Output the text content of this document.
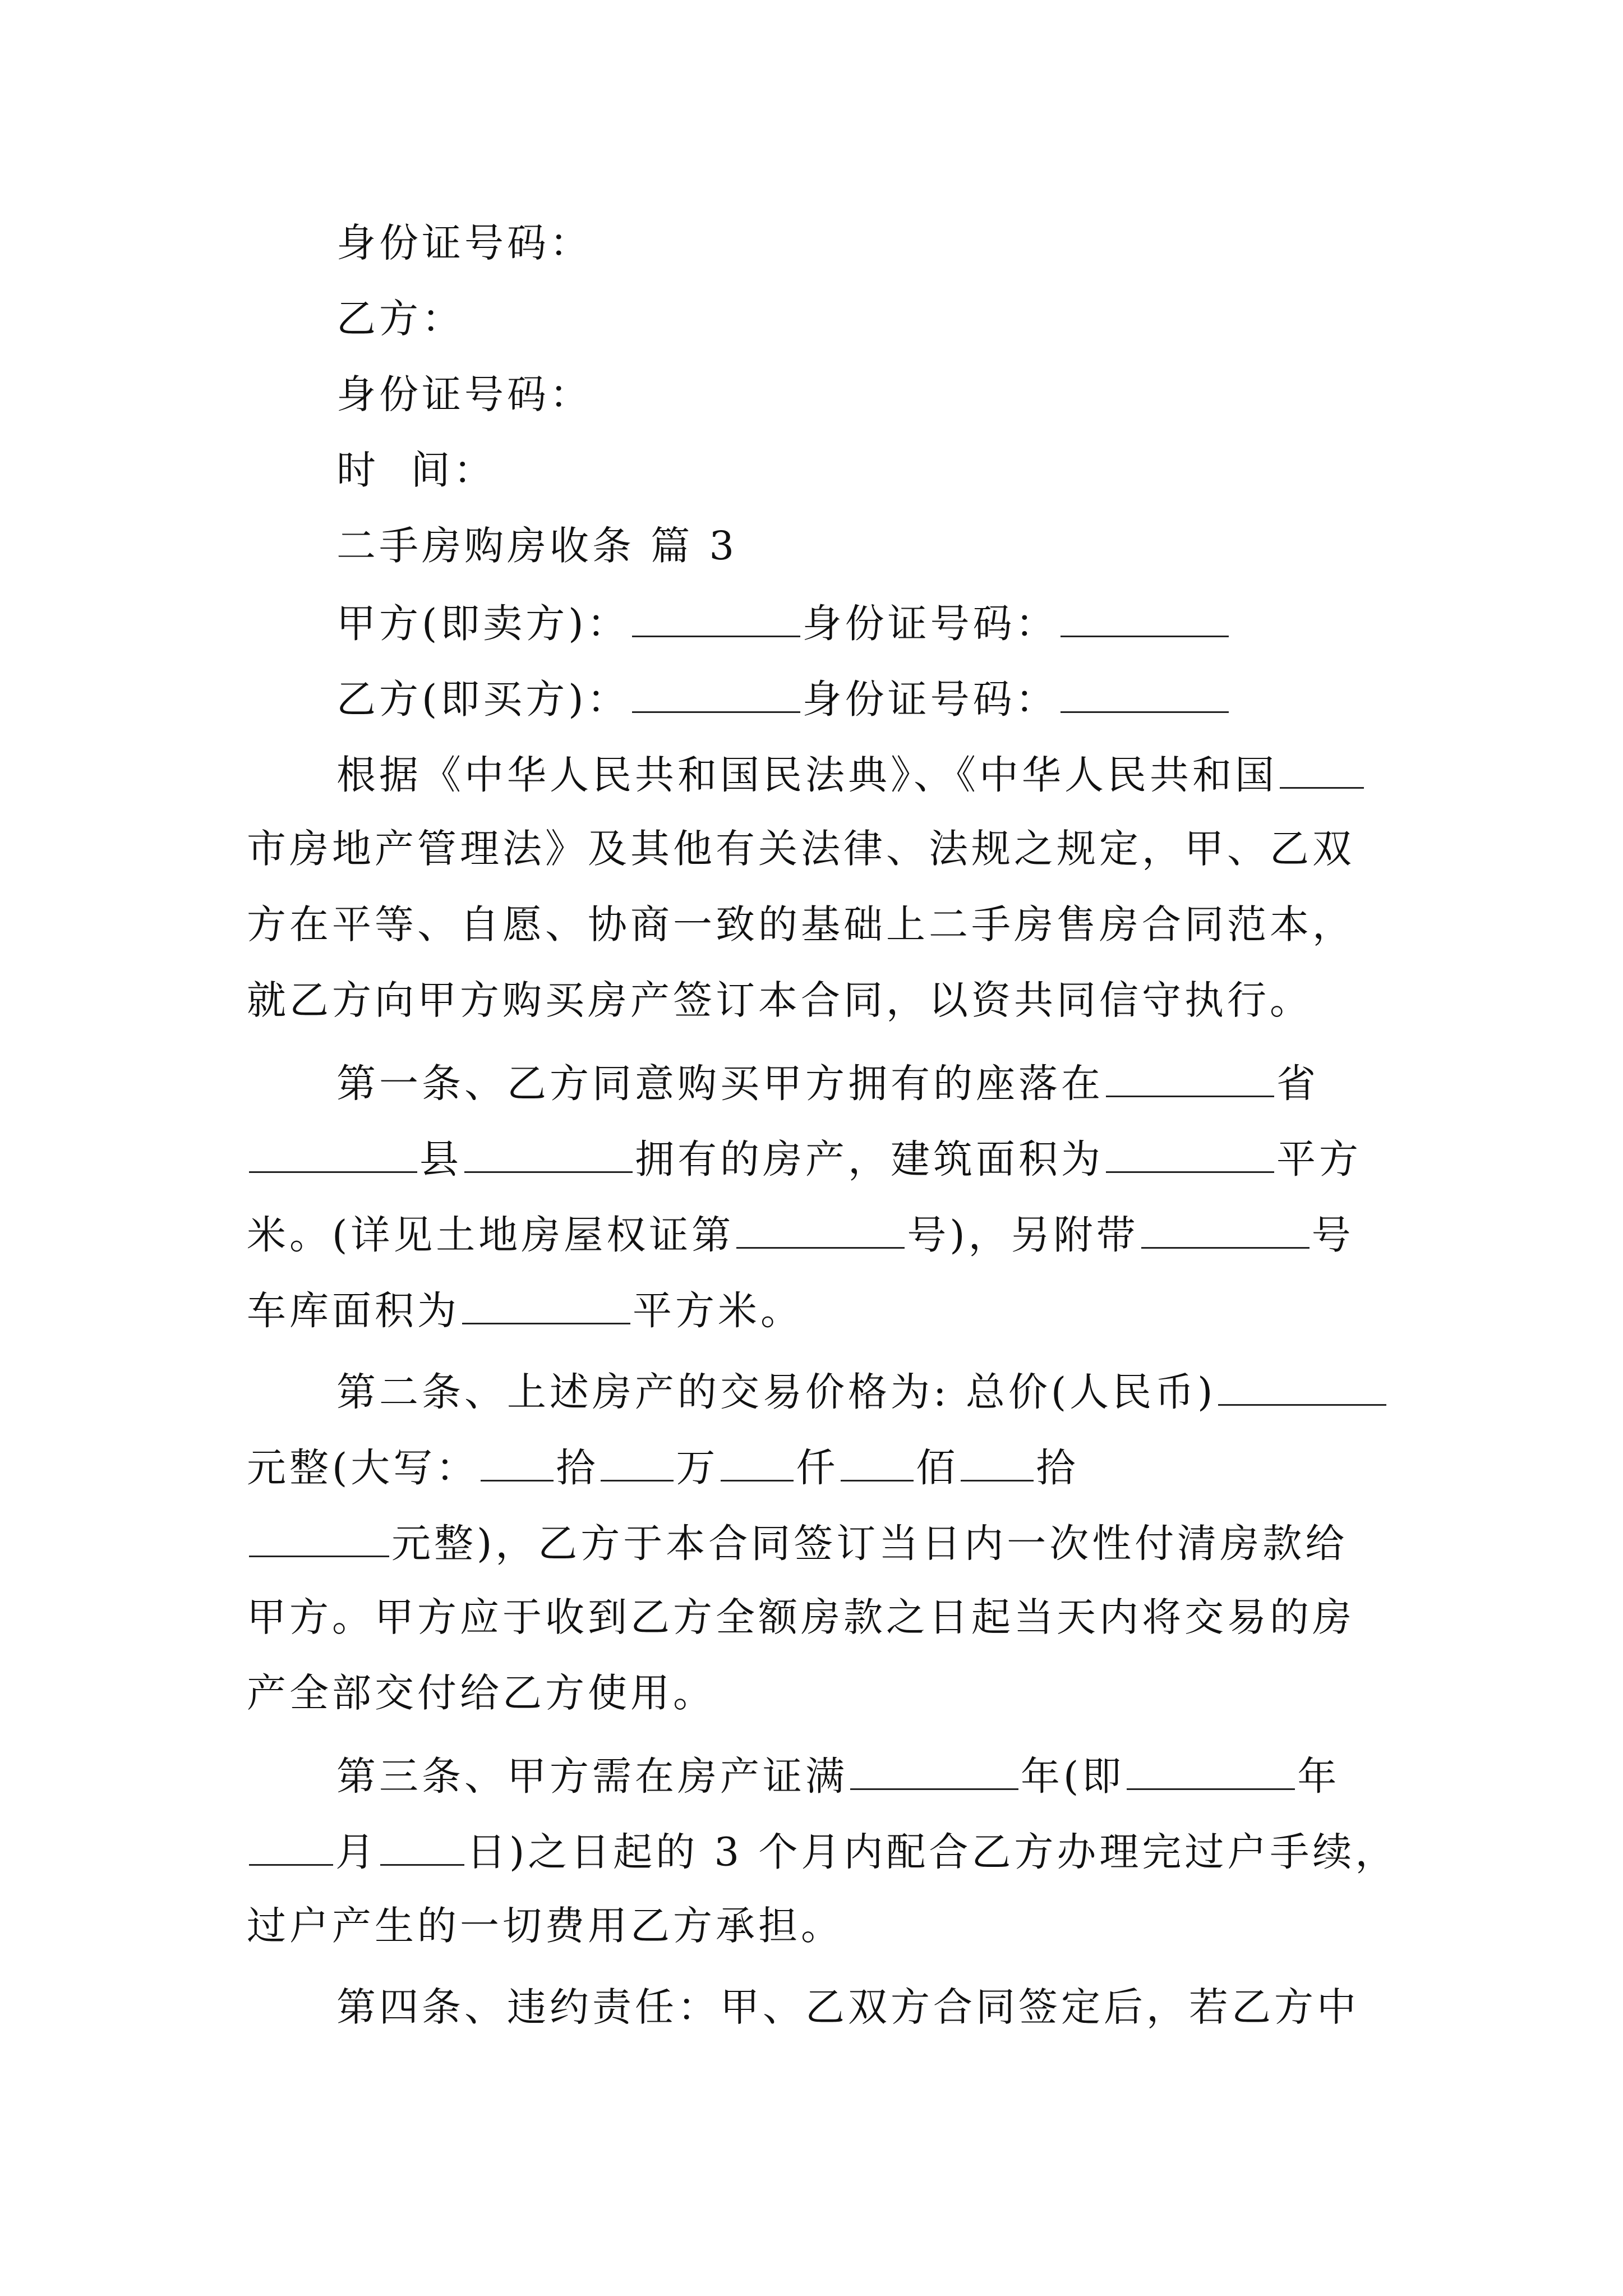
身份证号码：
乙方：
身份证号码：
时  间：
二手房购房收条 篇 3
甲方(即卖方)：	身份证号码：
乙方(即买方)：	身份证号码：
根据《中华人民共和国民法典》、《中华人民共和国
市房地产管理法》及其他有关法律、法规之规定，甲、乙双
方在平等、自愿、协商一致的基础上二手房售房合同范本，
就乙方向甲方购买房产签订本合同，以资共同信守执行。
第一条、乙方同意购买甲方拥有的座落在	省
县	拥有的房产，建筑面积为	平方
米。(详见土地房屋权证第	号)，另附带	号
车库面积为	平方米。
第二条、上述房产的交易价格为: 总价(人民币)
元整(大写： 拾 万 仟 佰 拾
元整)，乙方于本合同签订当日内一次性付清房款给
甲方。甲方应于收到乙方全额房款之日起当天内将交易的房
产全部交付给乙方使用。
第三条、甲方需在房产证满	年(即	年
月 日)之日起的 3 个月内配合乙方办理完过户手续，
过户产生的一切费用乙方承担。
第四条、违约责任：甲、乙双方合同签定后，若乙方中
